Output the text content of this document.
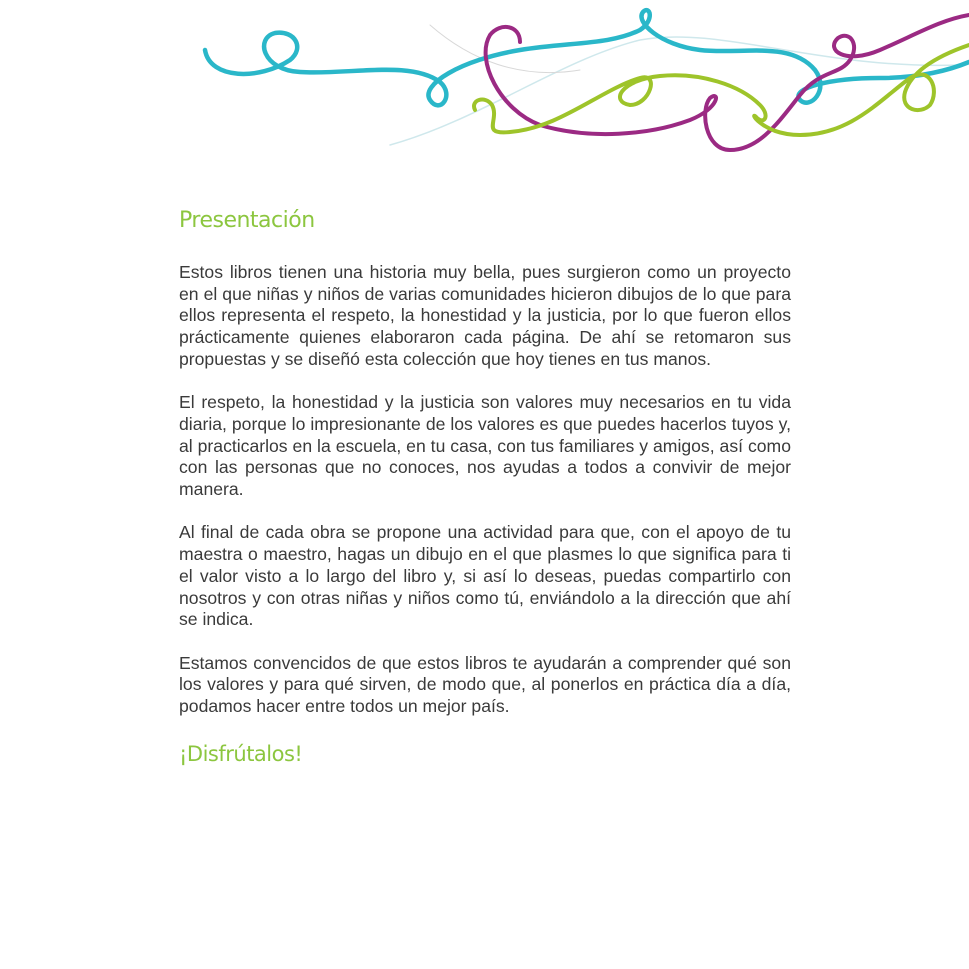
Presentación

Estos libros tienen una historia muy bella, pues surgieron como un proyecto en el que niñas y niños de varias comunidades hicieron dibujos de lo que para ellos representa el respeto, la honestidad y la justicia, por lo que fueron ellos prácticamente quienes elaboraron cada página. De ahí se retomaron sus propuestas y se diseñó esta colección que hoy tienes en tus manos.

El respeto, la honestidad y la justicia son valores muy necesarios en tu vida diaria, porque lo impresionante de los valores es que puedes hacerlos tuyos y, al practicarlos en la escuela, en tu casa, con tus familiares y amigos, así como con las personas que no conoces, nos ayudas a todos a convivir de mejor manera.

Al final de cada obra se propone una actividad para que, con el apoyo de tu maestra o maestro, hagas un dibujo en el que plasmes lo que significa para ti el valor visto a lo largo del libro y, si así lo deseas, puedas compartirlo con nosotros y con otras niñas y niños como tú, enviándolo a la dirección que ahí se indica.

Estamos convencidos de que estos libros te ayudarán a comprender qué son los valores y para qué sirven, de modo que, al ponerlos en práctica día a día, podamos hacer entre todos un mejor país.

¡Disfrútalos!
